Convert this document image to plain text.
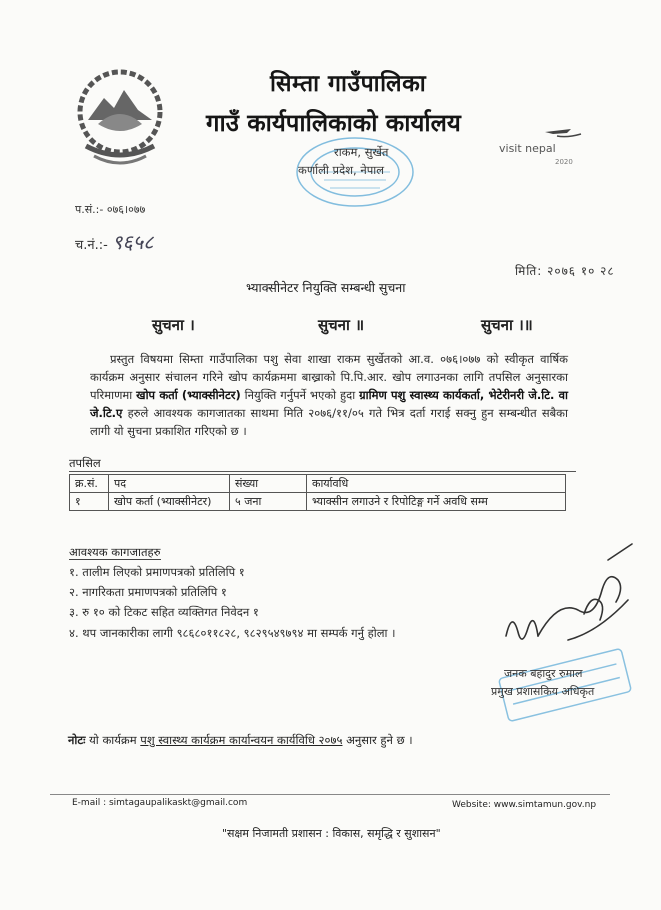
visit nepal
2020
सिम्ता गाउँपालिका
गाउँ कार्यपालिकाको कार्यालय
राकम, सुर्खेत
कर्णाली प्रदेश, नेपाल
प.सं.:- ०७६।०७७
च.नं.:- ९६५८
मिति: २०७६ १० २८
भ्याक्सीनेटर नियुक्ति सम्बन्धी सुचना
सुचना ।	सुचना ॥	सुचना ।॥
प्रस्तुत विषयमा सिम्ता गाउँपालिका पशु सेवा शाखा राकम सुर्खेतको आ.व. ०७६।०७७ को स्वीकृत वार्षिक कार्यक्रम अनुसार संचालन गरिने खोप कार्यक्रममा बाख्राको पि.पि.आर. खोप लगाउनका लागि तपसिल अनुसारका परिमाणमा खोप कर्ता (भ्याक्सीनेटर) नियुक्ति गर्नुपर्ने भएको हुदा ग्रामिण पशु स्वास्थ्य कार्यकर्ता, भेटेरीनरी जे.टि. वा जे.टि.ए हरुले आवश्यक कागजातका साथमा मिति २०७६/११/०५ गते भित्र दर्ता गराई सक्नु हुन सम्बन्धीत सबैका लागी यो सुचना प्रकाशित गरिएको छ ।
तपसिल
क्र.सं.	पद	संख्या	कार्यावधि
१	खोप कर्ता (भ्याक्सीनेटर)	५ जना	भ्याक्सीन लगाउने र रिपोटिङ्ग गर्ने अवधि सम्म
आवश्यक कागजातहरु
१. तालीम लिएको प्रमाणपत्रको प्रतिलिपि १
२. नागरिकता प्रमाणपत्रको प्रतिलिपि १
३. रु १० को टिकट सहित व्यक्तिगत निवेदन १
४. थप जानकारीका लागी ९८६८०११८२८, ९८२९५४९७९४ मा सम्पर्क गर्नु होला ।
जनक बहादुर रुमाल
प्रमुख प्रशासकिय अधिकृत
नोटः यो कार्यक्रम पशु स्वास्थ्य कार्यक्रम कार्यान्वयन कार्यविधि २०७५ अनुसार हुने छ ।
E-mail : simtagaupalikaskt@gmail.com	Website: www.simtamun.gov.np
"सक्षम निजामती प्रशासन : विकास, समृद्धि र सुशासन"
